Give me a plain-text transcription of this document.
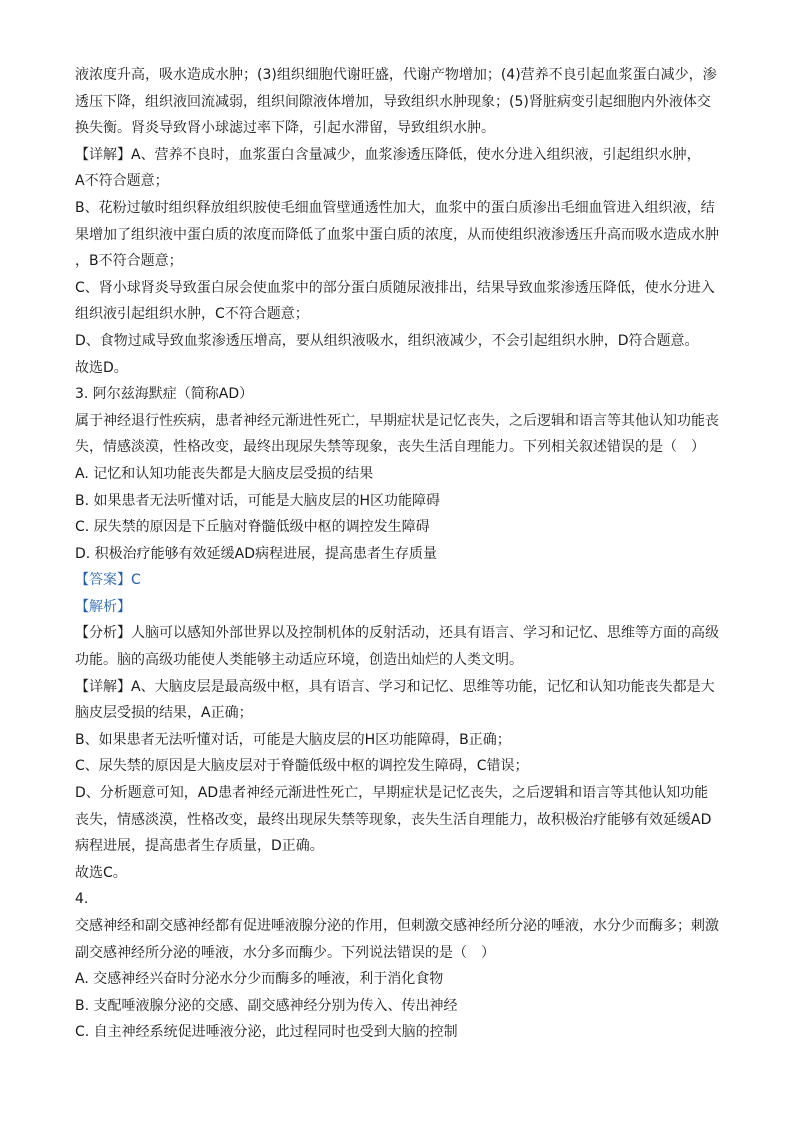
液浓度升高，吸水造成水肿；(3)组织细胞代谢旺盛，代谢产物增加；(4)营养不良引起血浆蛋白减少，渗
透压下降，组织液回流减弱，组织间隙液体增加，导致组织水肿现象；(5)肾脏病变引起细胞内外液体交
换失衡。肾炎导致肾小球滤过率下降，引起水滞留，导致组织水肿。
【详解】A、营养不良时，血浆蛋白含量减少，血浆渗透压降低，使水分进入组织液，引起组织水肿，
A不符合题意；
B、花粉过敏时组织释放组织胺使毛细血管壁通透性加大，血浆中的蛋白质渗出毛细血管进入组织液，结
果增加了组织液中蛋白质的浓度而降低了血浆中蛋白质的浓度，从而使组织液渗透压升高而吸水造成水肿
，B不符合题意；
C、肾小球肾炎导致蛋白尿会使血浆中的部分蛋白质随尿液排出，结果导致血浆渗透压降低，使水分进入
组织液引起组织水肿，C不符合题意；
D、食物过咸导致血浆渗透压增高，要从组织液吸水，组织液减少，不会引起组织水肿，D符合题意。
故选D。
3. 阿尔兹海默症（简称AD）
属于神经退行性疾病，患者神经元渐进性死亡，早期症状是记忆丧失，之后逻辑和语言等其他认知功能丧
失，情感淡漠，性格改变，最终出现尿失禁等现象，丧失生活自理能力。下列相关叙述错误的是（　）
A. 记忆和认知功能丧失都是大脑皮层受损的结果
B. 如果患者无法听懂对话，可能是大脑皮层的H区功能障碍
C. 尿失禁的原因是下丘脑对脊髓低级中枢的调控发生障碍
D. 积极治疗能够有效延缓AD病程进展，提高患者生存质量
【答案】C
【解析】
【分析】人脑可以感知外部世界以及控制机体的反射活动，还具有语言、学习和记忆、思维等方面的高级
功能。脑的高级功能使人类能够主动适应环境，创造出灿烂的人类文明。
【详解】A、大脑皮层是最高级中枢，具有语言、学习和记忆、思维等功能，记忆和认知功能丧失都是大
脑皮层受损的结果，A正确；
B、如果患者无法听懂对话，可能是大脑皮层的H区功能障碍，B正确；
C、尿失禁的原因是大脑皮层对于脊髓低级中枢的调控发生障碍，C错误；
D、分析题意可知，AD患者神经元渐进性死亡，早期症状是记忆丧失，之后逻辑和语言等其他认知功能
丧失，情感淡漠，性格改变，最终出现尿失禁等现象，丧失生活自理能力，故积极治疗能够有效延缓AD
病程进展，提高患者生存质量，D正确。
故选C。
4.
交感神经和副交感神经都有促进唾液腺分泌的作用，但刺激交感神经所分泌的唾液，水分少而酶多；刺激
副交感神经所分泌的唾液，水分多而酶少。下列说法错误的是（　）
A. 交感神经兴奋时分泌水分少而酶多的唾液，利于消化食物
B. 支配唾液腺分泌的交感、副交感神经分别为传入、传出神经
C. 自主神经系统促进唾液分泌，此过程同时也受到大脑的控制
